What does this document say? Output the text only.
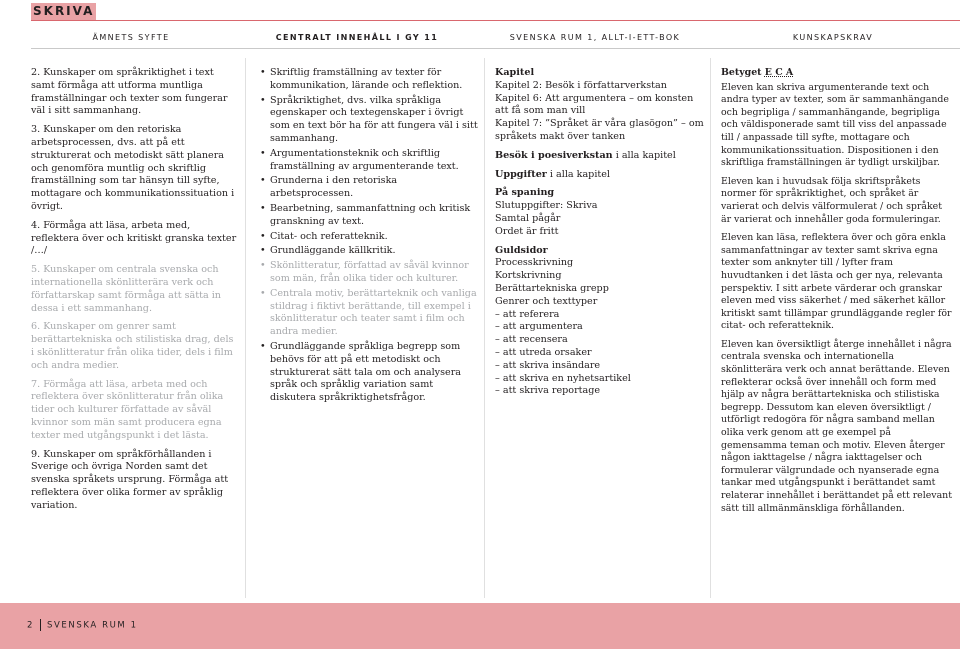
SKRIVA
ÄMNETS SYFTE	CENTRALT INNEHÅLL I GY 11	SVENSKA RUM 1, ALLT-I-ETT-BOK	KUNSKAPSKRAV

2. Kunskaper om språkriktighet i text samt förmåga att utforma muntliga framställningar och texter som fungerar väl i sitt sammanhang.

3. Kunskaper om den retoriska arbetsprocessen, dvs. att på ett strukturerat och metodiskt sätt planera och genomföra muntlig och skriftlig framställning som tar hänsyn till syfte, mottagare och kommunikationssituation i övrigt.

4. Förmåga att läsa, arbeta med, reflektera över och kritiskt granska texter /…/

5. Kunskaper om centrala svenska och internationella skönlitterära verk och författarskap samt förmåga att sätta in dessa i ett sammanhang.

6. Kunskaper om genrer samt berättartekniska och stilistiska drag, dels i skönlitteratur från olika tider, dels i film och andra medier.

7. Förmåga att läsa, arbeta med och reflektera över skönlitteratur från olika tider och kulturer författade av såväl kvinnor som män samt producera egna texter med utgångspunkt i det lästa.

9. Kunskaper om språkförhållanden i Sverige och övriga Norden samt det svenska språkets ursprung. Förmåga att reflektera över olika former av språklig variation.

• Skriftlig framställning av texter för kommunikation, lärande och reflektion.
• Språkriktighet, dvs. vilka språkliga egenskaper och textegenskaper i övrigt som en text bör ha för att fungera väl i sitt sammanhang.
• Argumentationsteknik och skriftlig framställning av argumenterande text.
• Grunderna i den retoriska arbetsprocessen.
• Bearbetning, sammanfattning och kritisk granskning av text.
• Citat- och referatteknik.
• Grundläggande källkritik.
• Skönlitteratur, författad av såväl kvinnor som män, från olika tider och kulturer.
• Centrala motiv, berättarteknik och vanliga stildrag i fiktivt berättande, till exempel i skönlitteratur och teater samt i film och andra medier.
• Grundläggande språkliga begrepp som behövs för att på ett metodiskt och strukturerat sätt tala om och analysera språk och språklig variation samt diskutera språkriktighetsfrågor.
Kapitel
Kapitel 2: Besök i författarverkstan
Kapitel 6: Att argumentera – om konsten att få som man vill
Kapitel 7: ”Språket är våra glasögon” – om språkets makt över tanken
Besök i poesiverkstan i alla kapitel
Uppgifter i alla kapitel
På spaning
Slutuppgifter: Skriva
Samtal pågår
Ordet är fritt
Guldsidor
Processkrivning
Kortskrivning
Berättartekniska grepp
Genrer och texttyper
– att referera
– att argumentera
– att recensera
– att utreda orsaker
– att skriva insändare
– att skriva en nyhetsartikel
– att skriva reportage

Betyget E C A

Eleven kan skriva argumenterande text och andra typer av texter, som är sammanhängande och begripliga / sammanhängande, begripliga och väldisponerade samt till viss del anpassade till / anpassade till syfte, mottagare och kommunikationssituation. Dispositionen i den skriftliga framställningen är tydligt urskiljbar.

Eleven kan i huvudsak följa skriftspråkets normer för språkriktighet, och språket är varierat och delvis välformulerat / och språket är varierat och innehåller goda formuleringar.

Eleven kan läsa, reflektera över och göra enkla sammanfattningar av texter samt skriva egna texter som anknyter till / lyfter fram huvudtanken i det lästa och ger nya, relevanta perspektiv. I sitt arbete värderar och granskar eleven med viss säkerhet / med säkerhet källor kritiskt samt tillämpar grundläggande regler för citat- och referatteknik.

Eleven kan översiktligt återge innehållet i några centrala svenska och internationella skönlitterära verk och annat berättande. Eleven reflekterar också över innehåll och form med hjälp av några berättartekniska och stilistiska begrepp. Dessutom kan eleven översiktligt / utförligt redogöra för några samband mellan olika verk genom att ge exempel på gemensamma teman och motiv. Eleven återger någon iakttagelse / några iakttagelser och formulerar välgrundade och nyanserade egna tankar med utgångspunkt i berättandet samt relaterar innehållet i berättandet på ett relevant sätt till allmänmänskliga förhållanden.

2 SVENSKA RUM 1
